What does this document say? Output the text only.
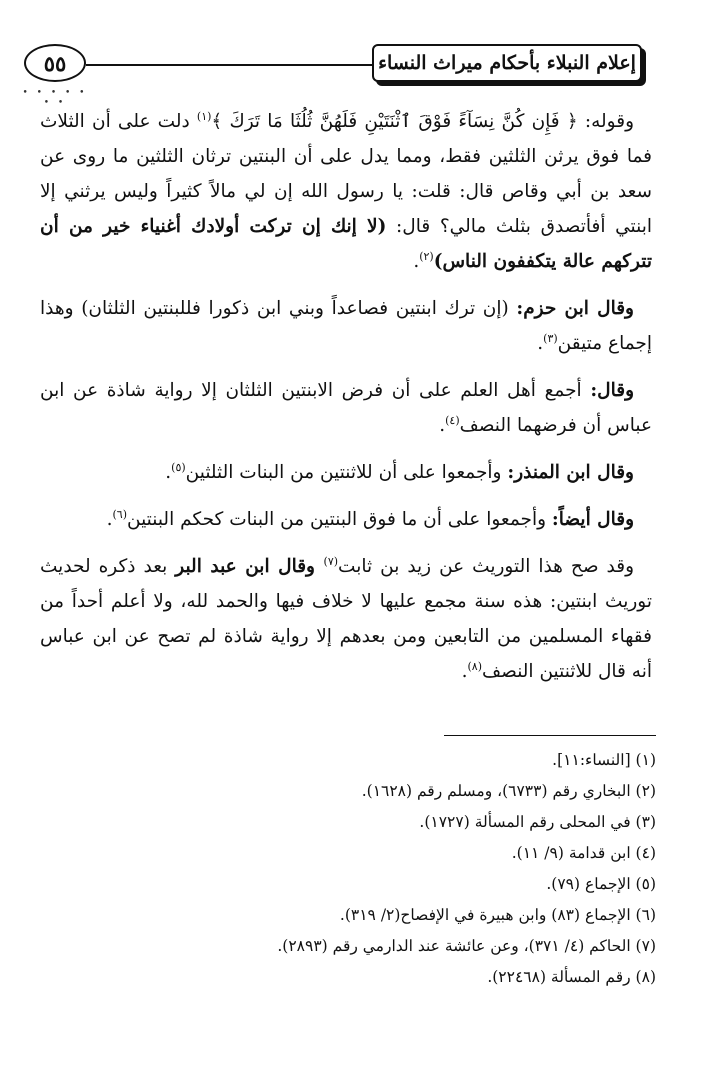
٥٥
• • • • • • •
إعلام النبلاء بأحكام ميراث النساء

وقوله: ﴿ فَإِن كُنَّ نِسَآءً فَوْقَ ٱثْنَتَيْنِ فَلَهُنَّ ثُلُثَا مَا تَرَكَ ﴾$^{(١)}$ دلت على أن الثلاث فما فوق يرثن الثلثين فقط، ومما يدل على أن البنتين ترثان الثلثين ما روى عن سعد بن أبي وقاص قال: قلت: يا رسول الله إن لي مالاً كثيراً وليس يرثني إلا ابنتي أفأتصدق بثلث مالي؟ قال: (لا إنك إن تركت أولادك أغنياء خير من أن تتركهم عالة يتكففون الناس)$^{(٢)}$.

وقال ابن حزم: (إن ترك ابنتين فصاعداً وبني ابن ذكورا فللبنتين الثلثان) وهذا إجماع متيقن$^{(٣)}$.

وقال: أجمع أهل العلم على أن فرض الابنتين الثلثان إلا رواية شاذة عن ابن عباس أن فرضهما النصف$^{(٤)}$.

وقال ابن المنذر: وأجمعوا على أن للاثنتين من البنات الثلثين$^{(٥)}$.

وقال أيضاً: وأجمعوا على أن ما فوق البنتين من البنات كحكم البنتين$^{(٦)}$.

وقد صح هذا التوريث عن زيد بن ثابت$^{(٧)}$ وقال ابن عبد البر بعد ذكره لحديث توريث ابنتين: هذه سنة مجمع عليها لا خلاف فيها والحمد لله، ولا أعلم أحداً من فقهاء المسلمين من التابعين ومن بعدهم إلا رواية شاذة لم تصح عن ابن عباس أنه قال للاثنتين النصف$^{(٨)}$.

(١) [النساء:١١].
(٢) البخاري رقم (٦٧٣٣)، ومسلم رقم (١٦٢٨).
(٣) في المحلى رقم المسألة (١٧٢٧).
(٤) ابن قدامة (٩/ ١١).
(٥) الإجماع (٧٩).
(٦) الإجماع (٨٣) وابن هبيرة في الإفصاح(٢/ ٣١٩).
(٧) الحاكم (٤/ ٣٧١)، وعن عائشة عند الدارمي رقم (٢٨٩٣).
(٨) رقم المسألة (٢٢٤٦٨).
